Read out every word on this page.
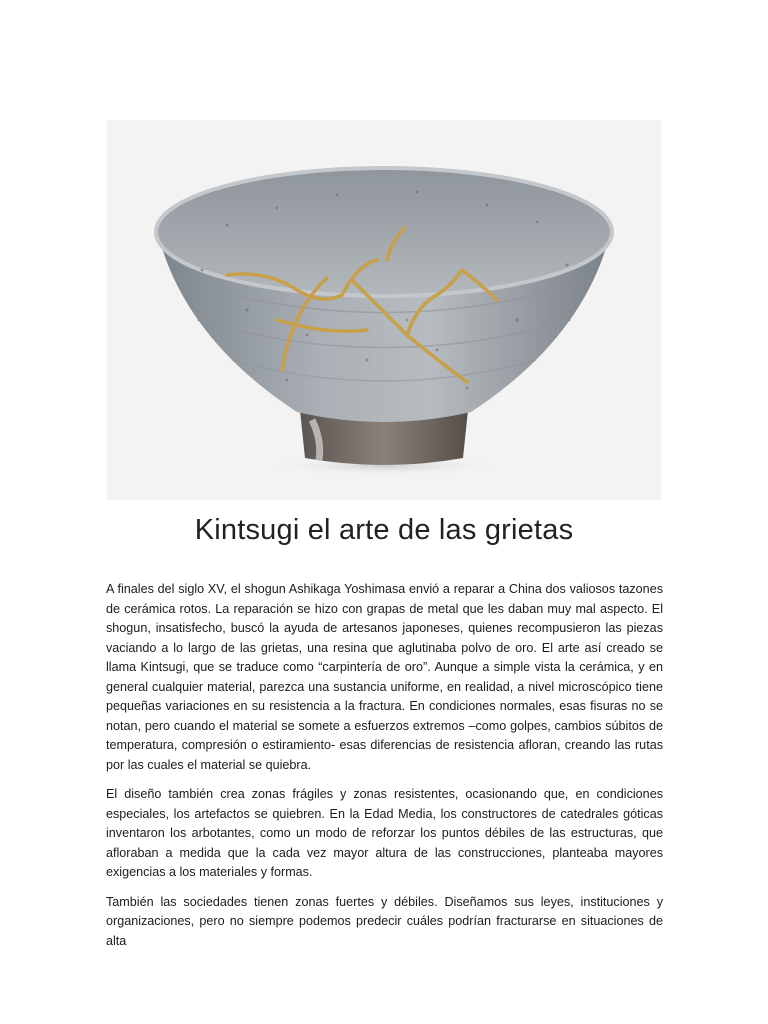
Kintsugi el arte de las grietas

A finales del siglo XV, el shogun Ashikaga Yoshimasa envió a reparar a China dos valiosos tazones de cerámica rotos. La reparación se hizo con grapas de metal que les daban muy mal aspecto. El shogun, insatisfecho, buscó la ayuda de artesanos japoneses, quienes recompusieron las piezas vaciando a lo largo de las grietas, una resina que aglutinaba polvo de oro. El arte así creado se llama Kintsugi, que se traduce como “carpintería de oro”. Aunque a simple vista la cerámica, y en general cualquier material, parezca una sustancia uniforme, en realidad, a nivel microscópico tiene pequeñas variaciones en su resistencia a la fractura. En condiciones normales, esas fisuras no se notan, pero cuando el material se somete a esfuerzos extremos –como golpes, cambios súbitos de temperatura, compresión o estiramiento- esas diferencias de resistencia afloran, creando las rutas por las cuales el material se quiebra.

El diseño también crea zonas frágiles y zonas resistentes, ocasionando que, en condiciones especiales, los artefactos se quiebren. En la Edad Media, los constructores de catedrales góticas inventaron los arbotantes, como un modo de reforzar los puntos débiles de las estructuras, que afloraban a medida que la cada vez mayor altura de las construcciones, planteaba mayores exigencias a los materiales y formas.

También las sociedades tienen zonas fuertes y débiles. Diseñamos sus leyes, instituciones y organizaciones, pero no siempre podemos predecir cuáles podrían fracturarse en situaciones de alta
